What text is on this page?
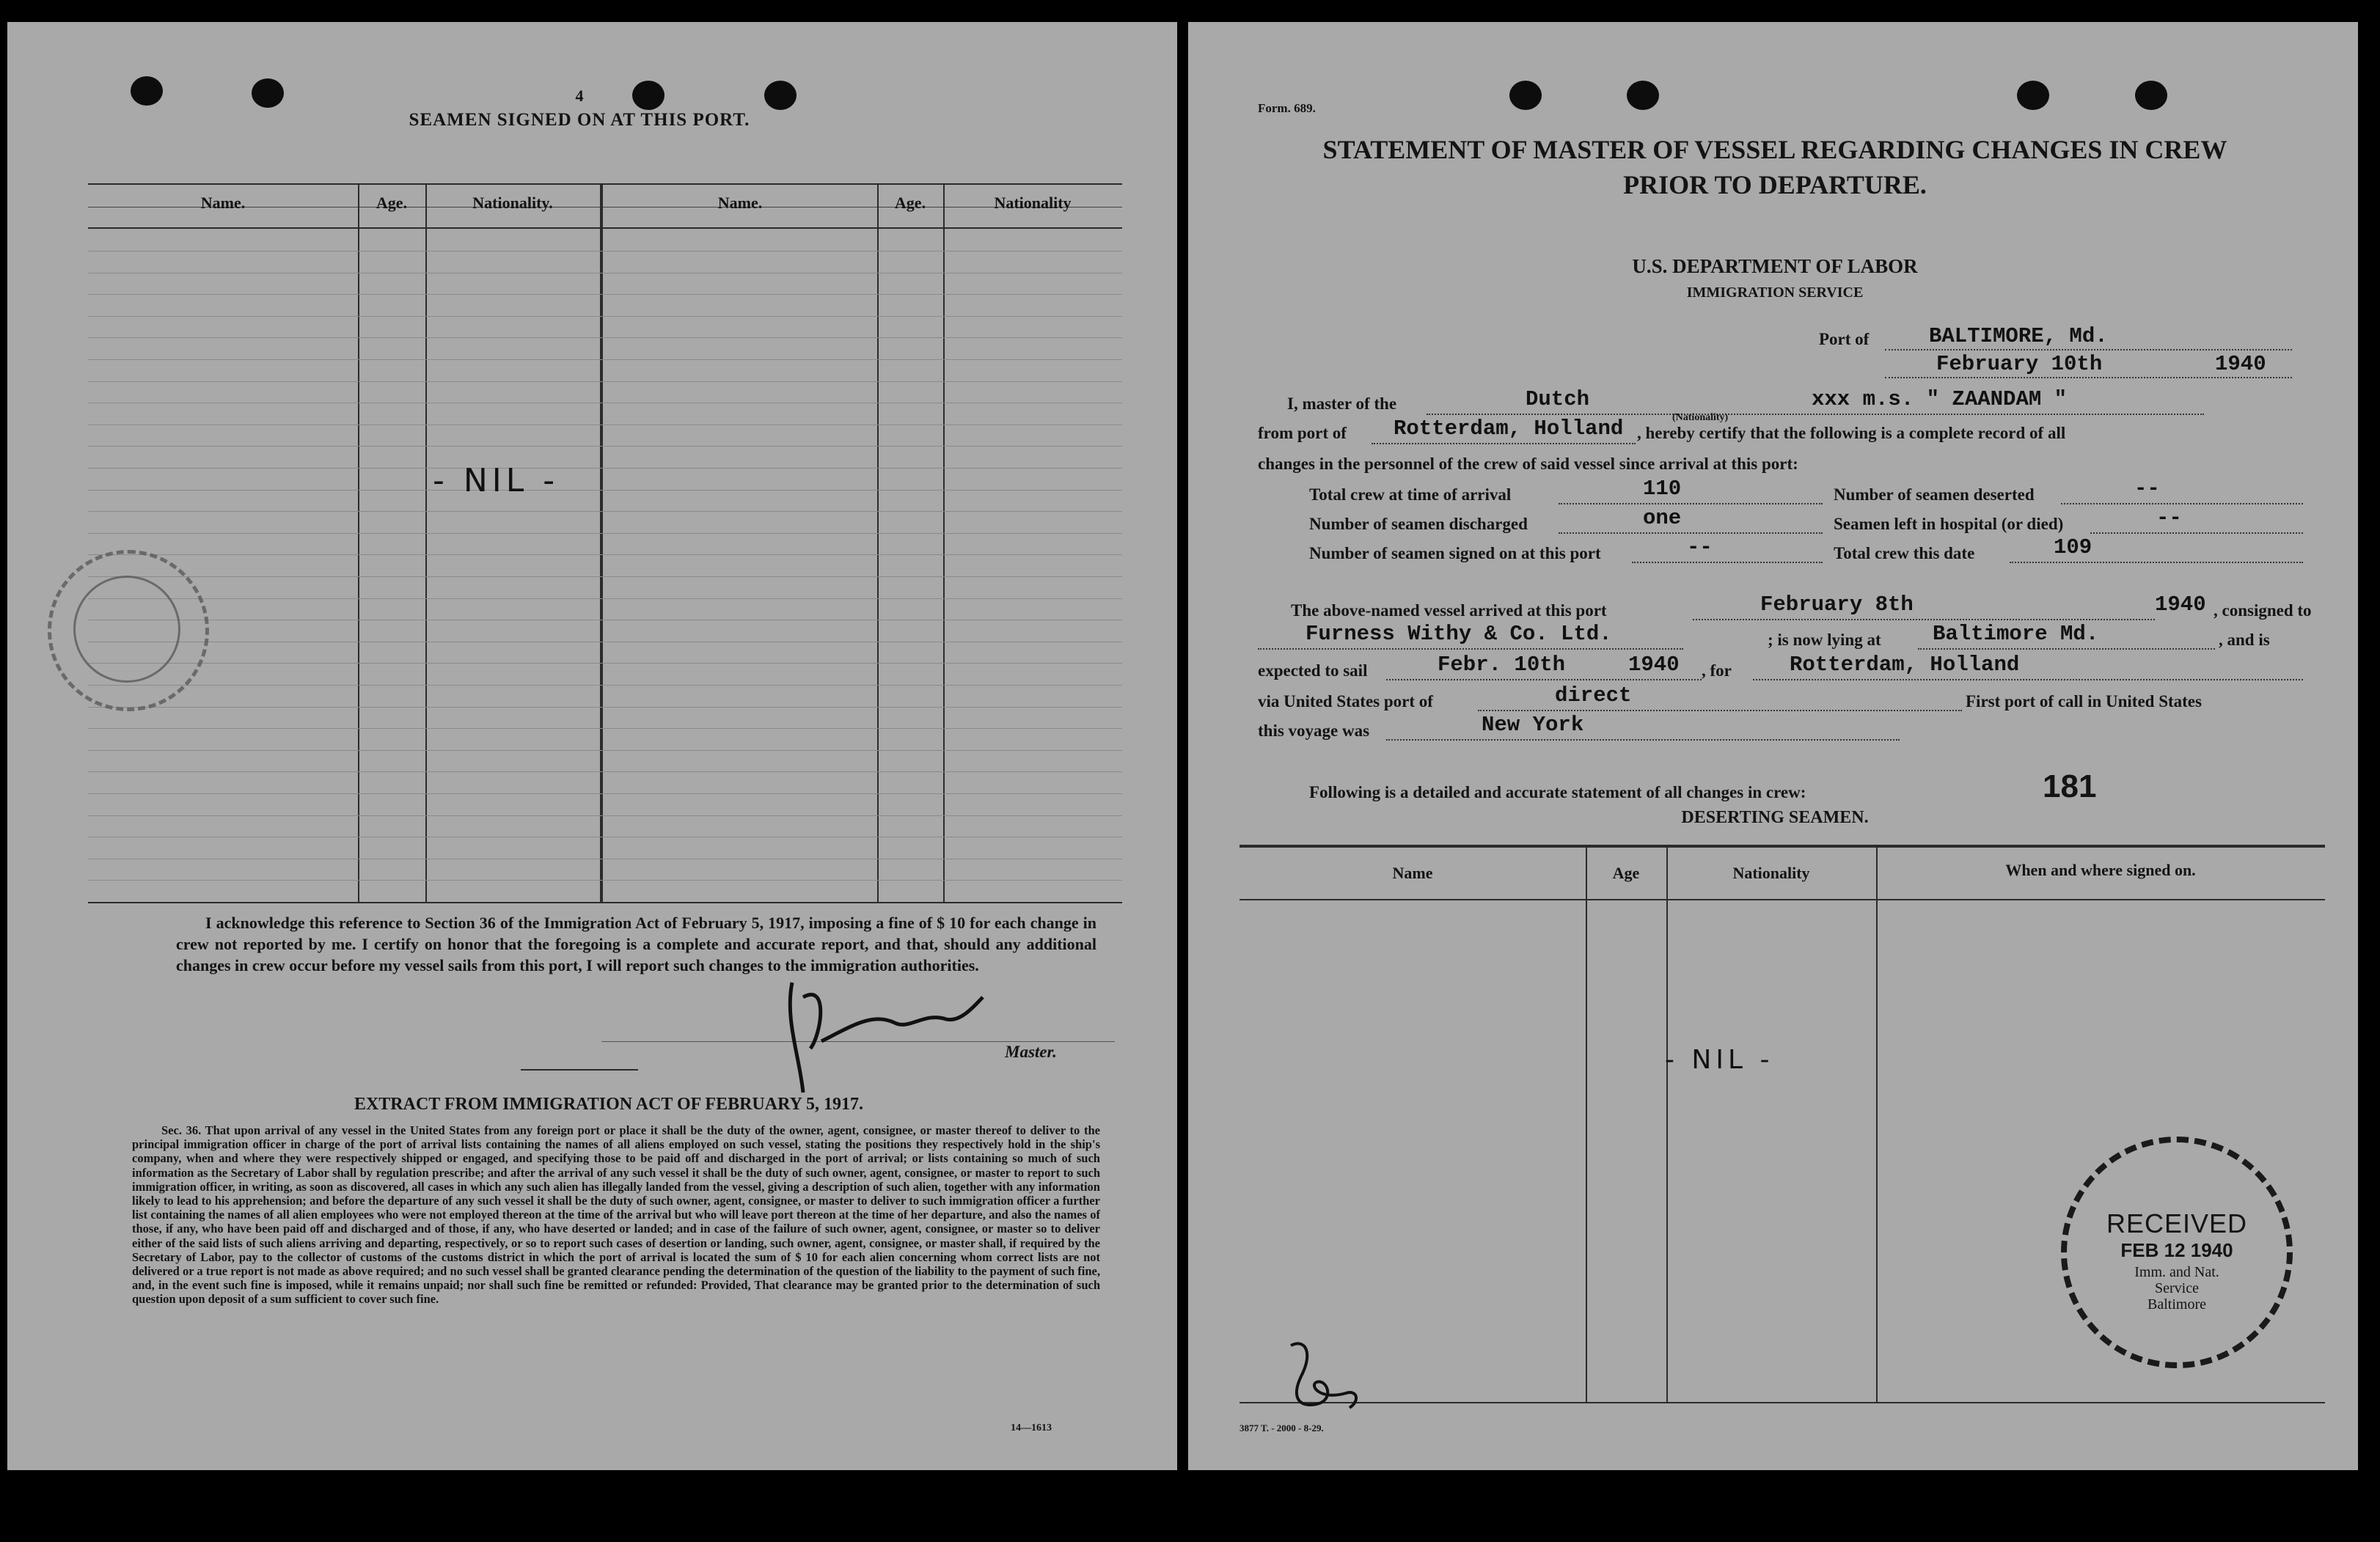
4
SEAMEN SIGNED ON AT THIS PORT.
Name.	Age.	Nationality.	Name.	Age.	Nationality
- NIL -
I acknowledge this reference to Section 36 of the Immigration Act of February 5, 1917, imposing a fine of $ 10 for each change in crew not reported by me. I certify on honor that the foregoing is a complete and accurate report, and that, should any additional changes in crew occur before my vessel sails from this port, I will report such changes to the immigration authorities.
Master.
EXTRACT FROM IMMIGRATION ACT OF FEBRUARY 5, 1917.
Sec. 36. That upon arrival of any vessel in the United States from any foreign port or place it shall be the duty of the owner, agent, consignee, or master thereof to deliver to the principal immigration officer in charge of the port of arrival lists containing the names of all aliens employed on such vessel, stating the positions they respectively hold in the ship's company, when and where they were respectively shipped or engaged, and specifying those to be paid off and discharged in the port of arrival; or lists containing so much of such information as the Secretary of Labor shall by regulation prescribe; and after the arrival of any such vessel it shall be the duty of such owner, agent, consignee, or master to report to such immigration officer, in writing, as soon as discovered, all cases in which any such alien has illegally landed from the vessel, giving a description of such alien, together with any information likely to lead to his apprehension; and before the departure of any such vessel it shall be the duty of such owner, agent, consignee, or master to deliver to such immigration officer a further list containing the names of all alien employees who were not employed thereon at the time of the arrival but who will leave port thereon at the time of her departure, and also the names of those, if any, who have been paid off and discharged and of those, if any, who have deserted or landed; and in case of the failure of such owner, agent, consignee, or master so to deliver either of the said lists of such aliens arriving and departing, respectively, or so to report such cases of desertion or landing, such owner, agent, consignee, or master shall, if required by the Secretary of Labor, pay to the collector of customs of the customs district in which the port of arrival is located the sum of $ 10 for each alien concerning whom correct lists are not delivered or a true report is not made as above required; and no such vessel shall be granted clearance pending the determination of the question of the liability to the payment of such fine, and, in the event such fine is imposed, while it remains unpaid; nor shall such fine be remitted or refunded: Provided, That clearance may be granted prior to the determination of such question upon deposit of a sum sufficient to cover such fine.
14—1613
Form. 689.
STATEMENT OF MASTER OF VESSEL REGARDING CHANGES IN CREW
PRIOR TO DEPARTURE.
U.S. DEPARTMENT OF LABOR
IMMIGRATION SERVICE
Port of	BALTIMORE, Md.
February 10th	1940
I, master of the	Dutch
(Nationality)
xxx m.s. " ZAANDAM "
from port of Rotterdam, Holland , hereby certify that the following is a complete record of all
changes in the personnel of the crew of said vessel since arrival at this port:
Total crew at time of arrival	110	Number of seamen deserted	--
Number of seamen discharged	one	Seamen left in hospital (or died)	--
Number of seamen signed on at this port	--	Total crew this date	109
The above-named vessel arrived at this port	February 8th	1940 , consigned to
Furness Withy & Co. Ltd.	; is now lying at Baltimore Md.	, and is
expected to sail	Febr. 10th	1940 , for	Rotterdam, Holland
via United States port of	direct	First port of call in United States
this voyage was	New York
Following is a detailed and accurate statement of all changes in crew:	181
DESERTING SEAMEN.
Name	Age	Nationality	When and where signed on.
- NIL -
RECEIVED
FEB 12 1940
Imm. and Nat.
Service
Baltimore
3877 T. - 2000 - 8-29.
